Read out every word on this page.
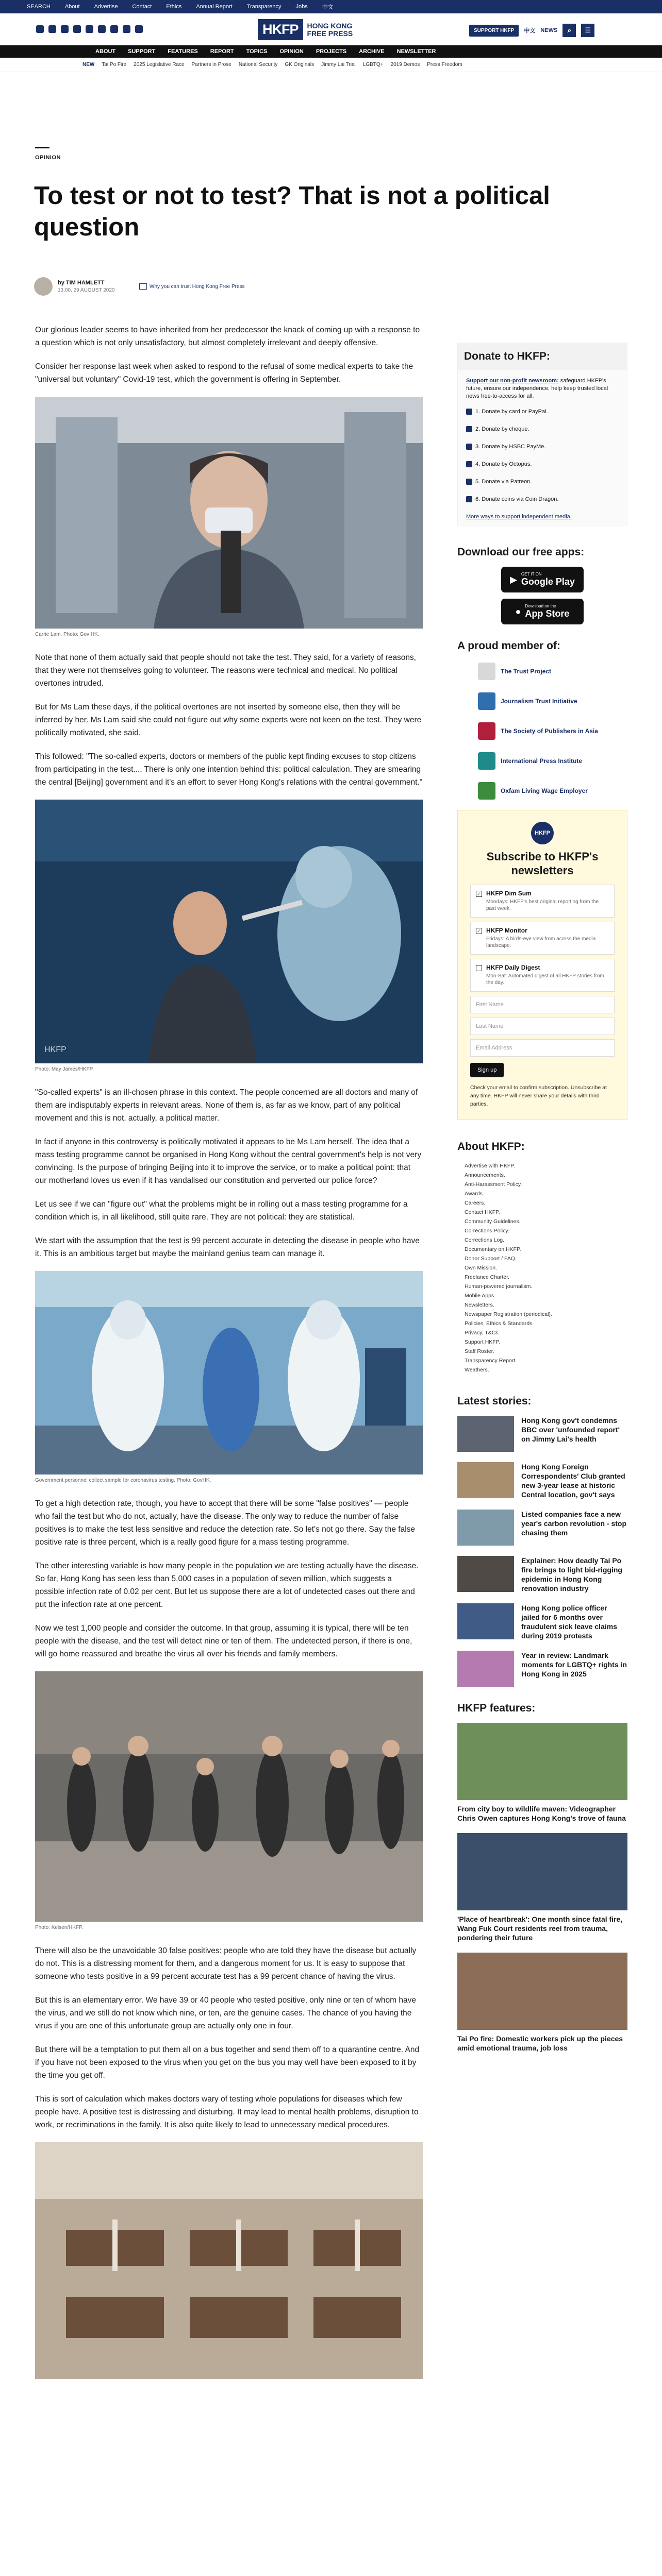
SEARCH	About	Advertise	Contact	Ethics	Annual Report	Transparency	Jobs	中文
HKFP	HONG KONG
FREE PRESS	SUPPORT HKFP	中文 NEWS	⌕	☰
ABOUT SUPPORT FEATURES REPORT TOPICS OPINION PROJECTS ARCHIVE NEWSLETTER
NEW Tai Po Fire 2025 Legislative Race Partners in Prose National Security GK Originals Jimmy Lai Trial LGBTQ+ 2019 Demos Press Freedom
OPINION
To test or not to test? That is not a political question
by TIM HAMLETT
13:00, 29 AUGUST 2020
Why you can trust Hong Kong Free Press

Our glorious leader seems to have inherited from her predecessor the knack of coming up with a response to a question which is not only unsatisfactory, but almost completely irrelevant and deeply offensive.

Consider her response last week when asked to respond to the refusal of some medical experts to take the "universal but voluntary" Covid-19 test, which the government is offering in September.

Carrie Lam. Photo: Gov HK.

Note that none of them actually said that people should not take the test. They said, for a variety of reasons, that they were not themselves going to volunteer. The reasons were technical and medical. No political overtones intruded.

But for Ms Lam these days, if the political overtones are not inserted by someone else, then they will be inferred by her. Ms Lam said she could not figure out why some experts were not keen on the test. They were politically motivated, she said.

This followed: "The so-called experts, doctors or members of the public kept finding excuses to stop citizens from participating in the test.... There is only one intention behind this: political calculation. They are smearing the central [Beijing] government and it's an effort to sever Hong Kong's relations with the central government."

HKFP
Photo: May James/HKFP.

"So-called experts" is an ill-chosen phrase in this context. The people concerned are all doctors and many of them are indisputably experts in relevant areas. None of them is, as far as we know, part of any political movement and this is not, actually, a political matter.

In fact if anyone in this controversy is politically motivated it appears to be Ms Lam herself. The idea that a mass testing programme cannot be organised in Hong Kong without the central government's help is not very convincing. Is the purpose of bringing Beijing into it to improve the service, or to make a political point: that our motherland loves us even if it has vandalised our constitution and perverted our police force?

Let us see if we can "figure out" what the problems might be in rolling out a mass testing programme for a condition which is, in all likelihood, still quite rare. They are not political: they are statistical.

We start with the assumption that the test is 99 percent accurate in detecting the disease in people who have it. This is an ambitious target but maybe the mainland genius team can manage it.

Government personnel collect sample for coronavirus testing. Photo: GovHK.

To get a high detection rate, though, you have to accept that there will be some "false positives" — people who fail the test but who do not, actually, have the disease. The only way to reduce the number of false positives is to make the test less sensitive and reduce the detection rate. So let's not go there. Say the false positive rate is three percent, which is a really good figure for a mass testing programme.

The other interesting variable is how many people in the population we are testing actually have the disease. So far, Hong Kong has seen less than 5,000 cases in a population of seven million, which suggests a possible infection rate of 0.02 per cent. But let us suppose there are a lot of undetected cases out there and put the infection rate at one percent.

Now we test 1,000 people and consider the outcome. In that group, assuming it is typical, there will be ten people with the disease, and the test will detect nine or ten of them. The undetected person, if there is one, will go home reassured and breathe the virus all over his friends and family members.

Photo: Kelsen/HKFP.

There will also be the unavoidable 30 false positives: people who are told they have the disease but actually do not. This is a distressing moment for them, and a dangerous moment for us. It is easy to suppose that someone who tests positive in a 99 percent accurate test has a 99 percent chance of having the virus.

But this is an elementary error. We have 39 or 40 people who tested positive, only nine or ten of whom have the virus, and we still do not know which nine, or ten, are the genuine cases. The chance of you having the virus if you are one of this unfortunate group are actually only one in four.

But there will be a temptation to put them all on a bus together and send them off to a quarantine centre. And if you have not been exposed to the virus when you get on the bus you may well have been exposed to it by the time you get off.

This is sort of calculation which makes doctors wary of testing whole populations for diseases which few people have. A positive test is distressing and disturbing. It may lead to mental health problems, disruption to work, or recriminations in the family. It is also quite likely to lead to unnecessary medical procedures.

Donate to HKFP:
Support our non-profit newsroom: safeguard HKFP's future, ensure our independence, help keep trusted local news free-to-access for all.
1. Donate by card or PayPal.
2. Donate by cheque.
3. Donate by HSBC PayMe.
4. Donate by Octopus.
5. Donate via Patreon.
6. Donate coins via Coin Dragon.
More ways to support independent media.
Download our free apps:
▶ GET IT ON
Google Play
● Download on the
App Store
A proud member of:
The Trust Project
Journalism Trust Initiative
The Society of Publishers in Asia
International Press Institute
Oxfam Living Wage Employer
HKFP
Subscribe to HKFP's newsletters
✓ HKFP Dim Sum
Mondays: HKFP's best original reporting from the past week.
✓ HKFP Monitor
Fridays: A birds-eye view from across the media landscape.
HKFP Daily Digest
Mon-Sat: Automated digest of all HKFP stories from the day.
First Name
Last Name
Email Address
Sign up
Check your email to confirm subscription. Unsubscribe at any time. HKFP will never share your details with third parties.
About HKFP:
Advertise with HKFP.
Announcements.
Anti-Harassment Policy.
Awards.
Careers.
Contact HKFP.
Community Guidelines.
Corrections Policy.
Corrections Log.
Documentary on HKFP.
Donor Support / FAQ.
Own Mission.
Freelance Charter.
Human-powered journalism.
Mobile Apps.
Newsletters.
Newspaper Registration (periodical).
Policies, Ethics & Standards.
Privacy, T&Cs.
Support HKFP.
Staff Roster.
Transparency Report.
Weathers.
Latest stories:
Hong Kong gov't condemns BBC over 'unfounded report' on Jimmy Lai's health
Hong Kong Foreign Correspondents' Club granted new 3-year lease at historic Central location, gov't says
Listed companies face a new year's carbon revolution - stop chasing them
Explainer: How deadly Tai Po fire brings to light bid-rigging epidemic in Hong Kong renovation industry
Hong Kong police officer jailed for 6 months over fraudulent sick leave claims during 2019 protests
Year in review: Landmark moments for LGBTQ+ rights in Hong Kong in 2025
HKFP features:
From city boy to wildlife maven: Videographer Chris Owen captures Hong Kong's trove of fauna
'Place of heartbreak': One month since fatal fire, Wang Fuk Court residents reel from trauma, pondering their future
Tai Po fire: Domestic workers pick up the pieces amid emotional trauma, job loss
